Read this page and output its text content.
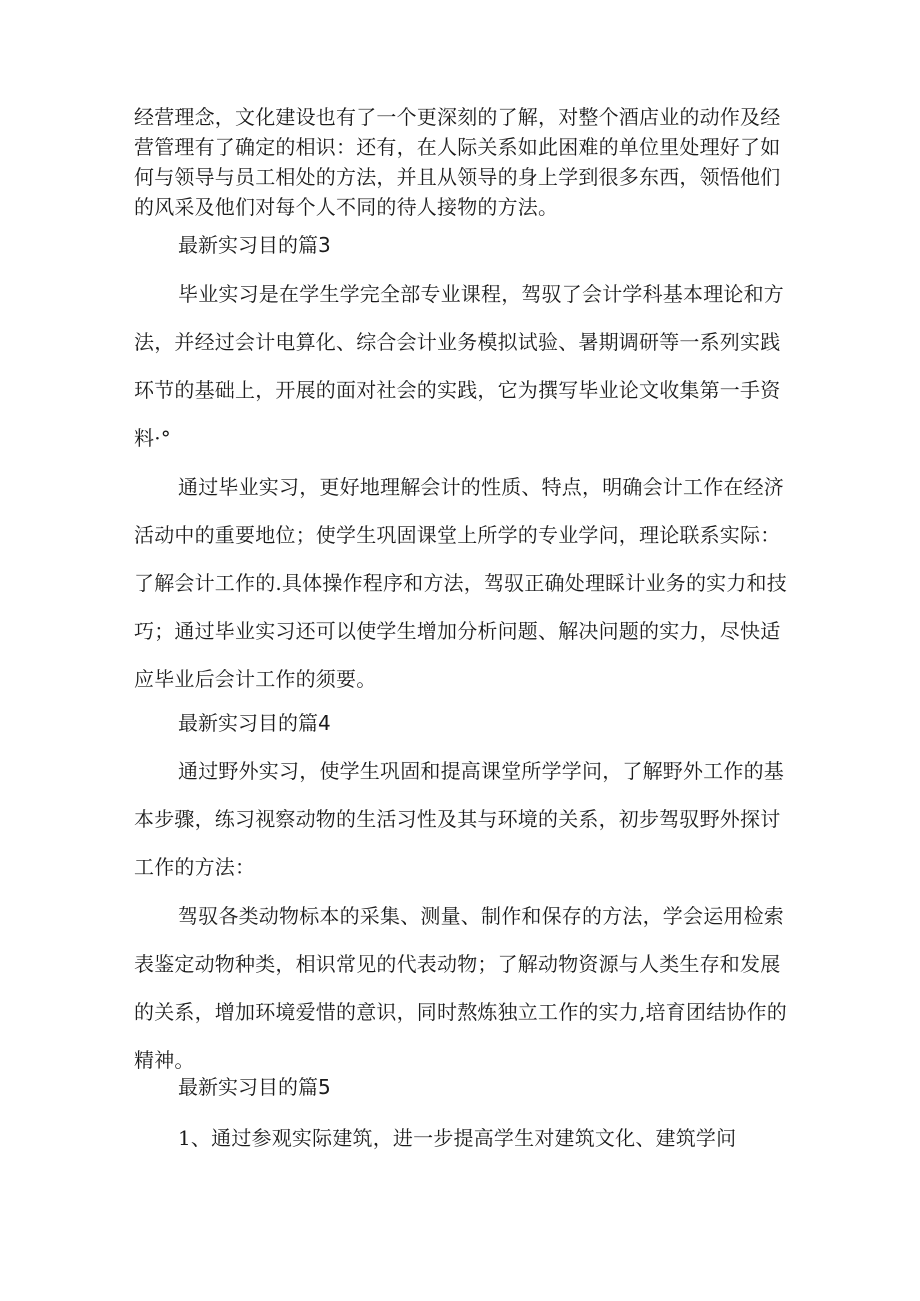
经营理念，文化建设也有了一个更深刻的了解，对整个酒店业的动作及经

营管理有了确定的相识：还有，在人际关系如此困难的单位里处理好了如

何与领导与员工相处的方法，并且从领导的身上学到很多东西，领悟他们

的风采及他们对每个人不同的待人接物的方法。

最新实习目的篇3

毕业实习是在学生学完全部专业课程，驾驭了会计学科基本理论和方

法，并经过会计电算化、综合会计业务模拟试验、暑期调研等一系列实践

环节的基础上，开展的面对社会的实践，它为撰写毕业论文收集第一手资

料·°

通过毕业实习，更好地理解会计的性质、特点，明确会计工作在经济

活动中的重要地位；使学生巩固课堂上所学的专业学问，理论联系实际：

了解会计工作的.具体操作程序和方法，驾驭正确处理睬计业务的实力和技

巧；通过毕业实习还可以使学生增加分析问题、解决问题的实力，尽快适

应毕业后会计工作的须要。

最新实习目的篇4

通过野外实习，使学生巩固和提高课堂所学学问，了解野外工作的基

本步骤，练习视察动物的生活习性及其与环境的关系，初步驾驭野外探讨

工作的方法：

驾驭各类动物标本的采集、测量、制作和保存的方法，学会运用检索

表鉴定动物种类，相识常见的代表动物；了解动物资源与人类生存和发展

的关系，增加环境爱惜的意识，同时熬炼独立工作的实力,培育团结协作的

精神。

最新实习目的篇5

1、通过参观实际建筑，进一步提高学生对建筑文化、建筑学问
